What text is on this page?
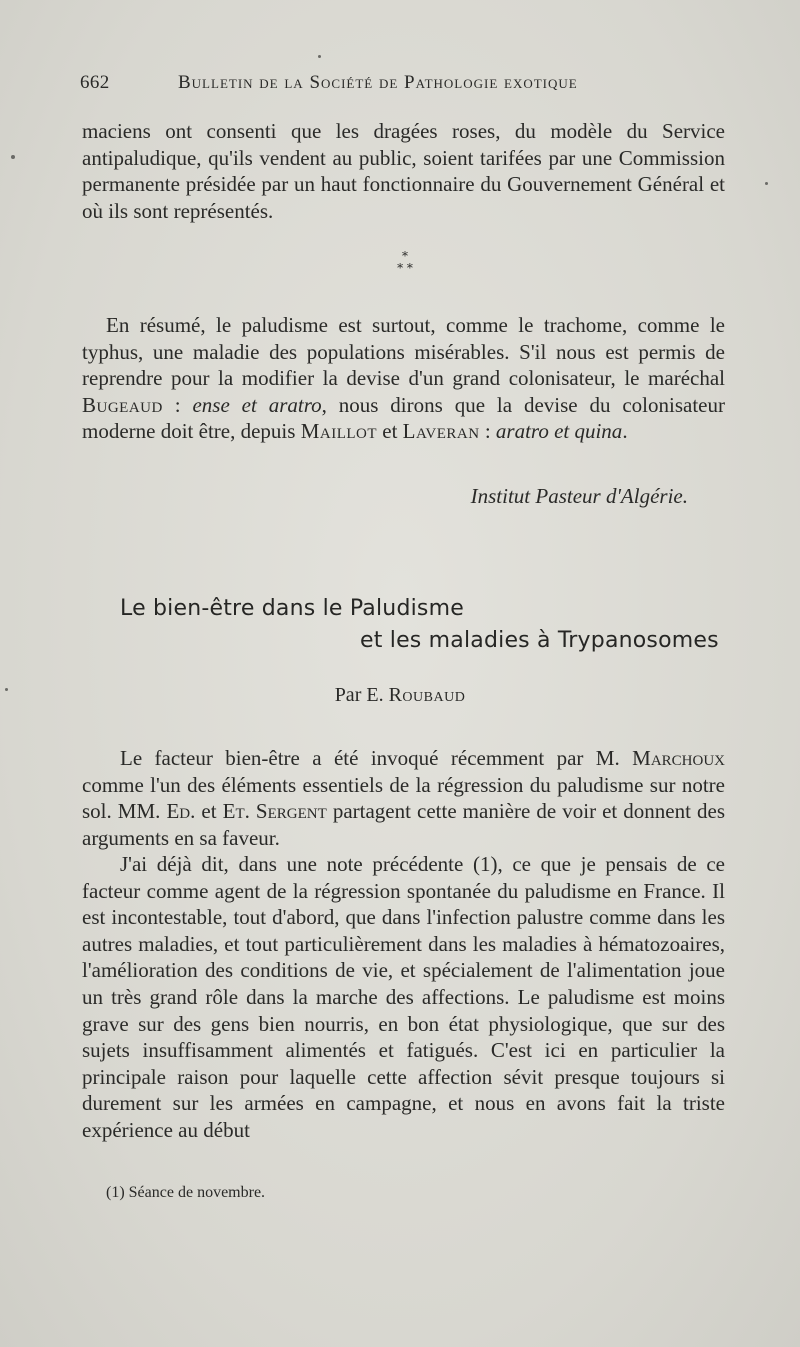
662	Bulletin de la Société de Pathologie exotique

maciens ont consenti que les dragées roses, du modèle du Service antipaludique, qu'ils vendent au public, soient tarifées par une Commission permanente présidée par un haut fonctionnaire du Gouvernement Général et où ils sont représentés.

*
* *

En résumé, le paludisme est surtout, comme le trachome, comme le typhus, une maladie des populations misérables. S'il nous est permis de reprendre pour la modifier la devise d'un grand colonisateur, le maréchal Bugeaud : ense et aratro, nous dirons que la devise du colonisateur moderne doit être, depuis Maillot et Laveran : aratro et quina.

Institut Pasteur d'Algérie.
Le bien-être dans le Paludisme
et les maladies à Trypanosomes
Par E. Roubaud

Le facteur bien-être a été invoqué récemment par M. Marchoux comme l'un des éléments essentiels de la régression du paludisme sur notre sol. MM. Ed. et Et. Sergent partagent cette manière de voir et donnent des arguments en sa faveur.

J'ai déjà dit, dans une note précédente (1), ce que je pensais de ce facteur comme agent de la régression spontanée du paludisme en France. Il est incontestable, tout d'abord, que dans l'infection palustre comme dans les autres maladies, et tout particulièrement dans les maladies à hématozoaires, l'amélioration des conditions de vie, et spécialement de l'alimentation joue un très grand rôle dans la marche des affections. Le paludisme est moins grave sur des gens bien nourris, en bon état physiologique, que sur des sujets insuffisamment alimentés et fatigués. C'est ici en particulier la principale raison pour laquelle cette affection sévit presque toujours si durement sur les armées en campagne, et nous en avons fait la triste expérience au début

(1) Séance de novembre.
